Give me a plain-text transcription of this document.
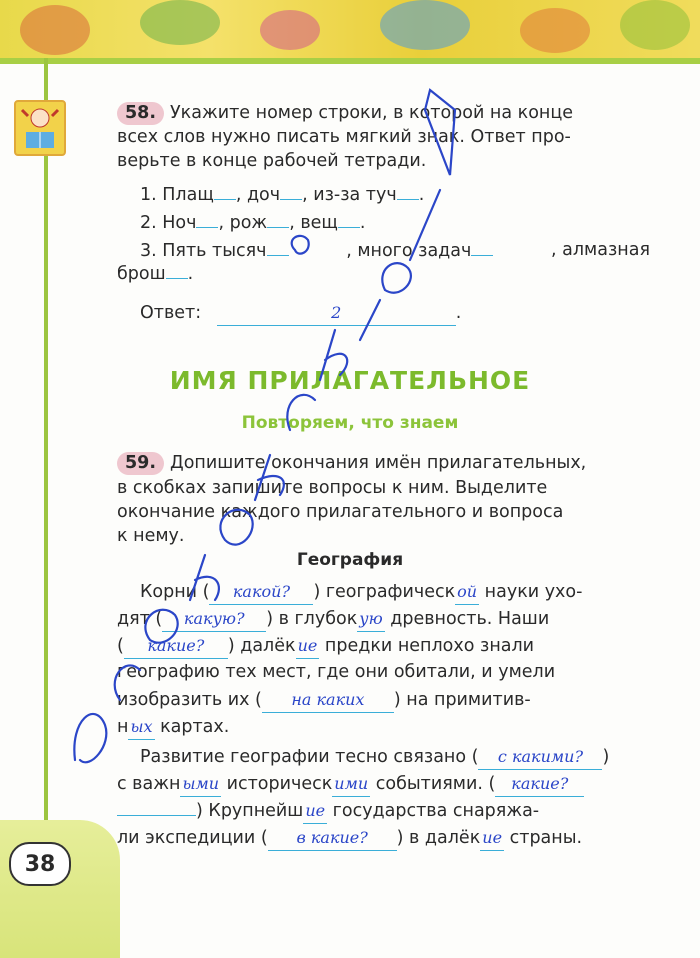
38
58. Укажите номер строки, в которой на конце
всех слов нужно писать мягкий знак. Ответ про-
верьте в конце рабочей тетради.
1. Плащ , доч , из-за туч .
2. Ноч , рож , вещ .
3. Пять тысяч	, много задач	, алмазная
брош .
Ответ:	2	.
ИМЯ ПРИЛАГАТЕЛЬНОЕ
Повторяем, что знаем
59. Допишите окончания имён прилагательных,
в скобках запишите вопросы к ним. Выделите
окончание каждого прилагательного и вопроса
к нему.
География
Корни ( какой? ) географическ ой науки ухо-
дят ( какую? ) в глубок ую древность. Наши
( какие? ) далёк ие предки неплохо знали
географию тех мест, где они обитали, и умели
изобразить их ( на каких ) на примитив-
н ых картах.
Развитие географии тесно связано ( с какими? )
с важн ыми историческ ими событиями. ( какие?
) Крупнейш ие государства снаряжа-
ли экспедиции ( в какие? ) в далёк ие страны.
